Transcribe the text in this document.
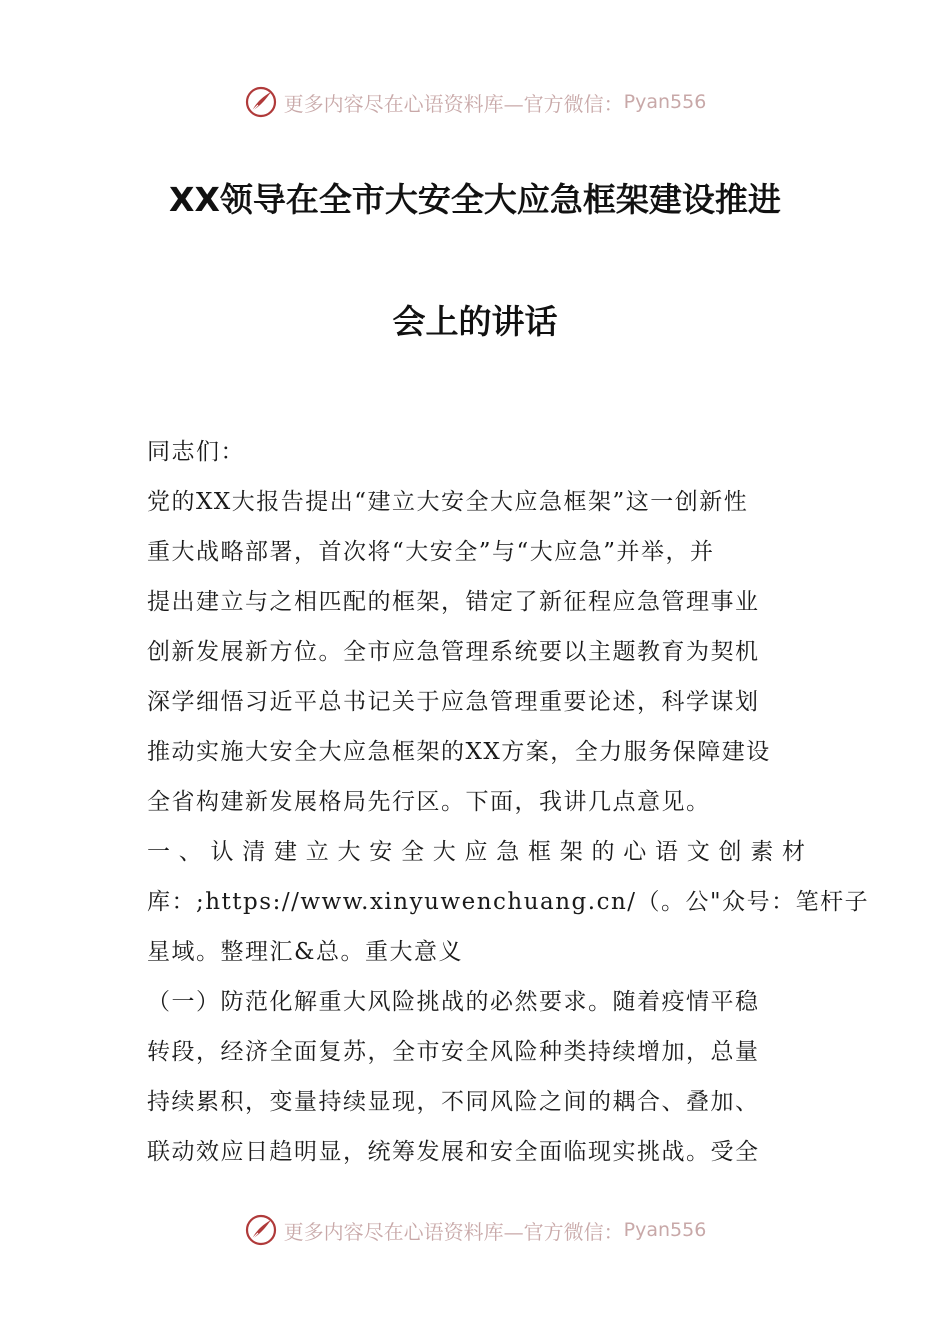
更多内容尽在心语资料库—官方微信： Pyan556
XX领导在全市大安全大应急框架建设推进
会上的讲话
同志们：
党的XX大报告提出“建立大安全大应急框架”这一创新性
重大战略部署，首次将“大安全”与“大应急”并举，并
提出建立与之相匹配的框架，错定了新征程应急管理事业
创新发展新方位。全市应急管理系统要以主题教育为契机
深学细悟习近平总书记关于应急管理重要论述，科学谋划
推动实施大安全大应急框架的XX方案，全力服务保障建设
全省构建新发展格局先行区。下面，我讲几点意见。
一、认清建立大安全大应急框架的心语文创素材
库：;https://www.xinyuwenchuang.cn/（。公"众号：笔杆子
星域。整理汇&总。重大意义
（一）防范化解重大风险挑战的必然要求。随着疫情平稳
转段，经济全面复苏，全市安全风险种类持续增加，总量
持续累积，变量持续显现，不同风险之间的耦合、叠加、
联动效应日趋明显，统筹发展和安全面临现实挑战。受全
更多内容尽在心语资料库—官方微信： Pyan556
